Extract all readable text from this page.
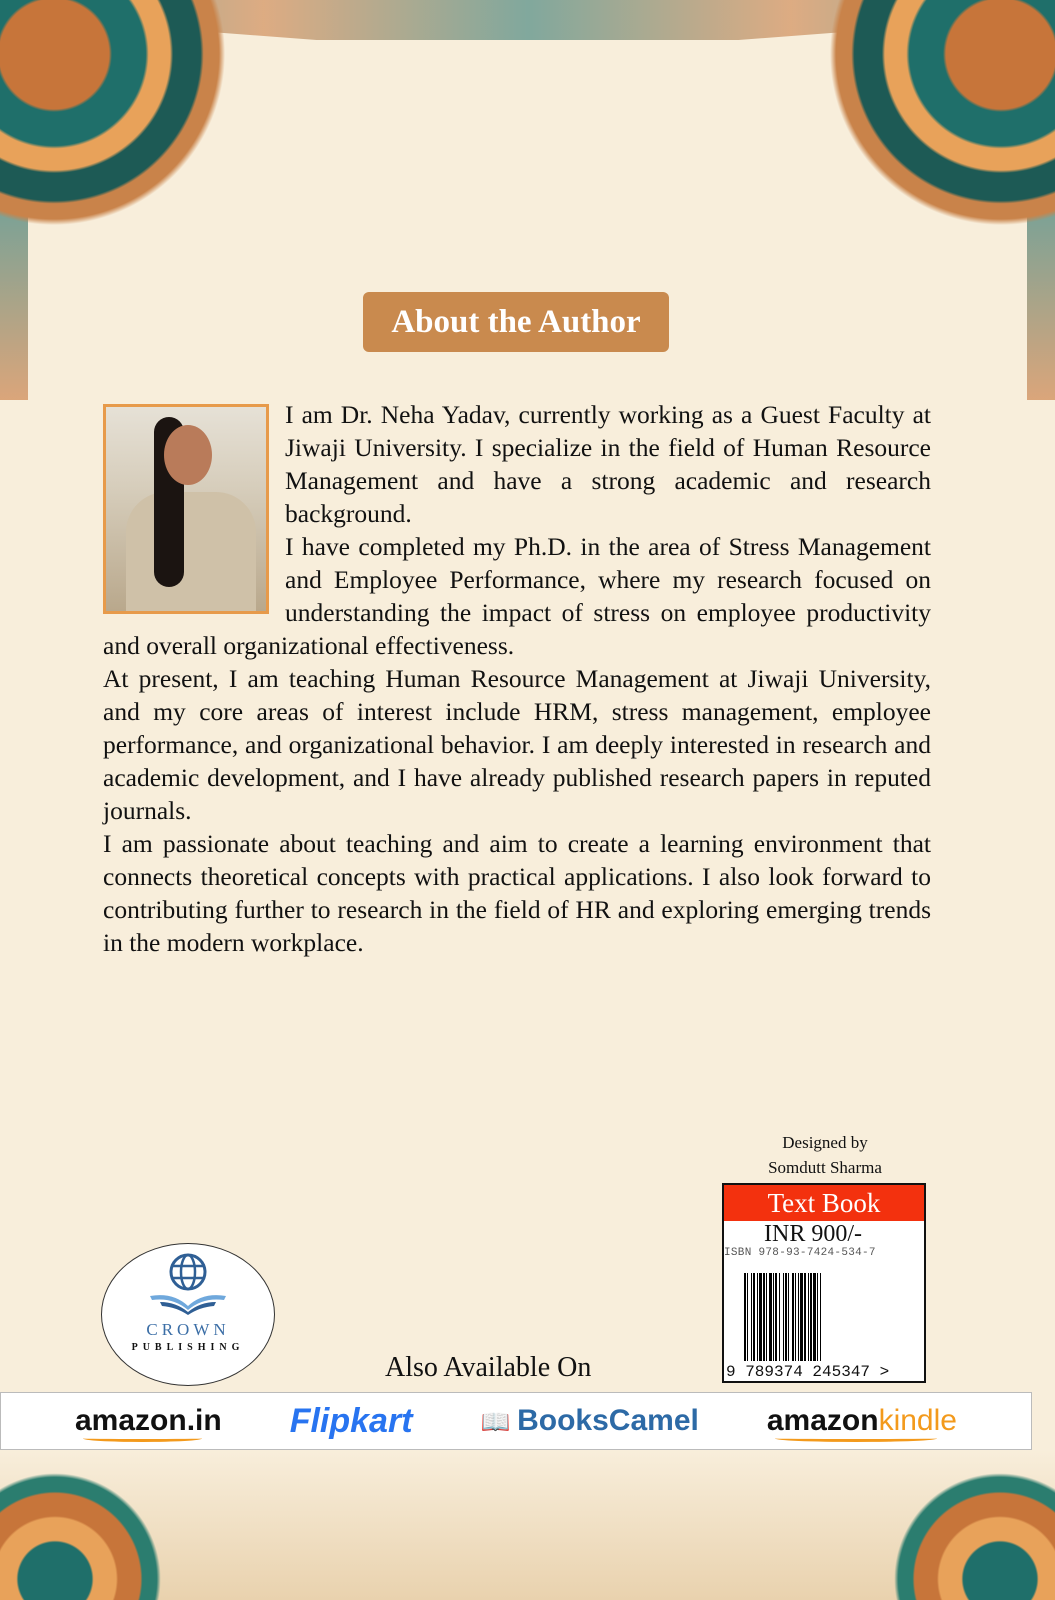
About the Author

I am Dr. Neha Yadav, currently working as a Guest Faculty at Jiwaji University. I specialize in the field of Human Resource Management and have a strong academic and research background.

I have completed my Ph.D. in the area of Stress Management and Employee Performance, where my research focused on understanding the impact of stress on employee productivity and overall organizational effectiveness.

At present, I am teaching Human Resource Management at Jiwaji University, and my core areas of interest include HRM, stress management, employee performance, and organizational behavior. I am deeply interested in research and academic development, and I have already published research papers in reputed journals.

I am passionate about teaching and aim to create a learning environment that connects theoretical concepts with practical applications. I also look forward to contributing further to research in the field of HR and exploring emerging trends in the modern workplace.

Designed by
Somdutt Sharma
Text Book
INR 900/-
ISBN 978-93-7424-534-7
9 789374 245347 >
CROWN
PUBLISHING
Also Available On
amazon.in Flipkart	📖 BooksCamel amazonkindle
